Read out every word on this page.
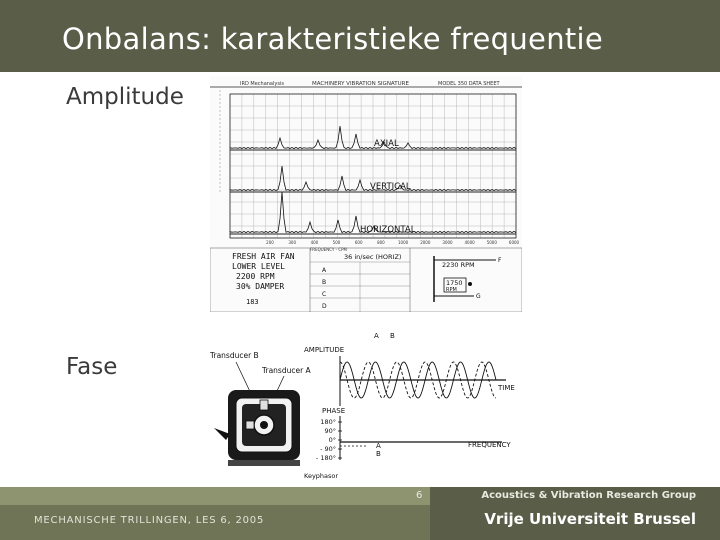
Onbalans: karakteristieke frequentie
Amplitude
Fase
IRD Mechanalysis	MACHINERY VIBRATION SIGNATURE	MODEL 350 DATA SHEET
AXIAL
VERTICAL
HORIZONTAL
200	300	400	500	600	800	1000	2000	3000	4000	5000	6000
FREQUENCY - CPM
FRESH AIR FAN
LOWER LEVEL
2200 RPM
30% DAMPER
183
36 in/sec (HORIZ)
A
B
C
D
2230 RPM
1750
RPM
F
G
A B
Transducer B
Transducer A
AMPLITUDE
TIME
PHASE
180°
90°
0°
- 90°
- 180°
A
B
FREQUENCY
Keyphasor
6	Acoustics & Vibration Research Group
MECHANISCHE TRILLINGEN, LES 6, 2005	Vrije Universiteit Brussel
